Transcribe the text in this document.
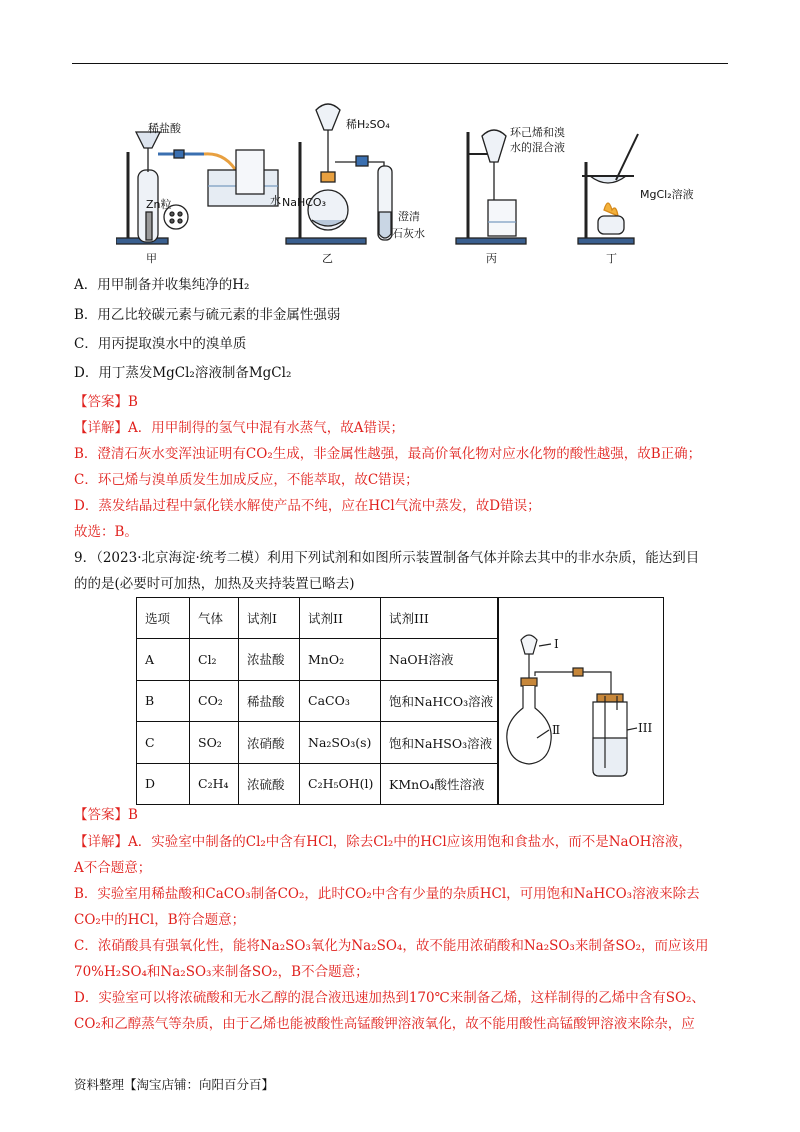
稀盐酸
Zn粒
稀H₂SO₄
NaHCO₃
水
澄清
石灰水
环己烯和溴
水的混合液
MgCl₂溶液
甲	乙	丙	丁
A．用甲制备并收集纯净的H₂
B．用乙比较碳元素与硫元素的非金属性强弱
C．用丙提取溴水中的溴单质
D．用丁蒸发MgCl₂溶液制备MgCl₂
【答案】B
【详解】A．用甲制得的氢气中混有水蒸气，故A错误；
B．澄清石灰水变浑浊证明有CO₂生成，非金属性越强，最高价氧化物对应水化物的酸性越强，故B正确；
C．环己烯与溴单质发生加成反应，不能萃取，故C错误；
D．蒸发结晶过程中氯化镁水解使产品不纯，应在HCl气流中蒸发，故D错误；
故选：B。
9．（2023·北京海淀·统考二模）利用下列试剂和如图所示装置制备气体并除去其中的非水杂质，能达到目
的的是(必要时可加热，加热及夹持装置已略去)
选项	气体	试剂I	试剂II	试剂III
A	Cl₂	浓盐酸	MnO₂	NaOH溶液
B	CO₂	稀盐酸	CaCO₃	饱和NaHCO₃溶液
C	SO₂	浓硝酸	Na₂SO₃(s)	饱和NaHSO₃溶液
D	C₂H₄	浓硫酸	C₂H₅OH(l)	KMnO₄酸性溶液
I
Ⅱ	III
【答案】B
【详解】A．实验室中制备的Cl₂中含有HCl，除去Cl₂中的HCl应该用饱和食盐水，而不是NaOH溶液，
A不合题意；
B．实验室用稀盐酸和CaCO₃制备CO₂，此时CO₂中含有少量的杂质HCl，可用饱和NaHCO₃溶液来除去
CO₂中的HCl，B符合题意；
C．浓硝酸具有强氧化性，能将Na₂SO₃氧化为Na₂SO₄，故不能用浓硝酸和Na₂SO₃来制备SO₂，而应该用
70%H₂SO₄和Na₂SO₃来制备SO₂，B不合题意；
D．实验室可以将浓硫酸和无水乙醇的混合液迅速加热到170℃来制备乙烯，这样制得的乙烯中含有SO₂、
CO₂和乙醇蒸气等杂质，由于乙烯也能被酸性高锰酸钾溶液氧化，故不能用酸性高锰酸钾溶液来除杂，应
资料整理【淘宝店铺：向阳百分百】
